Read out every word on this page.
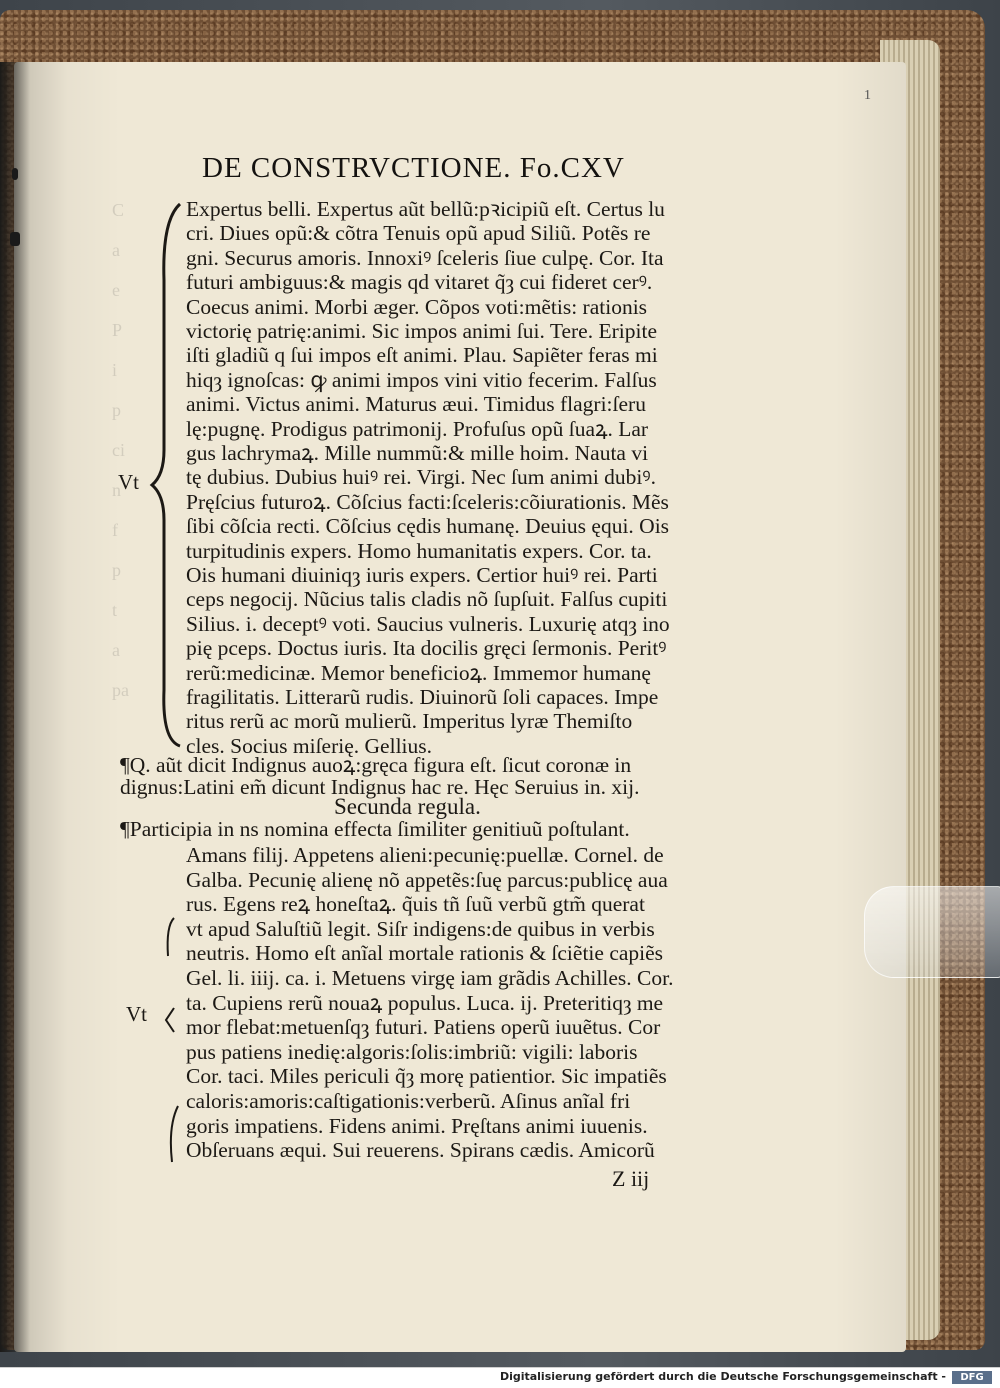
C
a
e
P
i
p
ci
n
f
p
t
a
pa
1
DE CONSTRVCTIONE. Fo.CXV
Vt
Expertus belli. Expertus aũt bellũ:pꝛicipiũ eſt. Certus lu
cri. Diues opũ:& cõtra Tenuis opũ apud Siliũ. Potẽs re
gni. Securus amoris. Innoxiꝰ ſceleris ſiue culpę. Cor. Ita
futuri ambiguus:& magis qd vitaret q̃ȝ cui fideret cerꝰ.
Coecus animi. Morbi æger. Cõpos voti:mẽtis: rationis
victorię patrię:animi. Sic impos animi ſui. Tere. Eripite
iſti gladiũ q ſui impos eſt animi. Plau. Sapiẽter feras mi
hiqȝ ignoſcas: ꝙ animi impos vini vitio fecerim. Falſus
animi. Victus animi. Maturus æui. Timidus flagri:ſeru
lę:pugnę. Prodigus patrimonij. Profuſus opũ ſuaꝝ. Lar
gus lachrymaꝝ. Mille nummũ:& mille hoim. Nauta vi
tę dubius. Dubius huiꝰ rei. Virgi. Nec ſum animi dubiꝰ.
Pręſcius futuroꝝ. Cõſcius facti:ſceleris:cõiurationis. Mẽs
ſibi cõſcia recti. Cõſcius cędis humanę. Deuius ęqui. Ois
turpitudinis expers. Homo humanitatis expers. Cor. ta.
Ois humani diuiniqȝ iuris expers. Certior huiꝰ rei. Parti
ceps negocij. Nũcius talis cladis nõ ſupſuit. Falſus cupiti
Silius. i. deceptꝰ voti. Saucius vulneris. Luxurię atqȝ ino
pię pceps. Doctus iuris. Ita docilis gręci ſermonis. Peritꝰ
rerũ:medicinæ. Memor beneficioꝝ. Immemor humanę
fragilitatis. Litterarũ rudis. Diuinorũ ſoli capaces. Impe
ritus rerũ ac morũ mulierũ. Imperitus lyræ Themiſto
cles. Socius miſerię. Gellius.
¶Q. aũt dicit Indignus auoꝝ:gręca figura eſt. ſicut coronæ in
dignus:Latini em̃ dicunt Indignus hac re. Hęc Seruius in. xij.
Secunda regula.
¶Participia in ns nomina effecta ſimiliter genitiuũ poſtulant.
Vt
Amans filij. Appetens alieni:pecunię:puellæ. Cornel. de
Galba. Pecunię alienę nõ appetẽs:ſuę parcus:publicę aua
rus. Egens reꝝ honeſtaꝝ. q̃uis tñ ſuũ verbũ gtm̃ querat
vt apud Saluſtiũ legit. Siſr indigens:de quibus in verbis
neutris. Homo eſt anĩal mortale rationis & ſciẽtie capiẽs
Gel. li. iiij. ca. i. Metuens virgę iam grãdis Achilles. Cor.
ta. Cupiens rerũ nouaꝝ populus. Luca. ij. Preteritiqȝ me
mor flebat:metuenſqȝ futuri. Patiens operũ iuuẽtus. Cor
pus patiens inedię:algoris:ſolis:imbriũ: vigili: laboris
Cor. taci. Miles periculi q̃ȝ morę patientior. Sic impatiẽs
caloris:amoris:caſtigationis:verberũ. Aſinus anĩal fri
goris impatiens. Fidens animi. Pręſtans animi iuuenis.
Obſeruans æqui. Sui reuerens. Spirans cædis. Amicorũ
Z iij
Digitalisierung gefördert durch die Deutsche Forschungsgemeinschaft -	DFG
